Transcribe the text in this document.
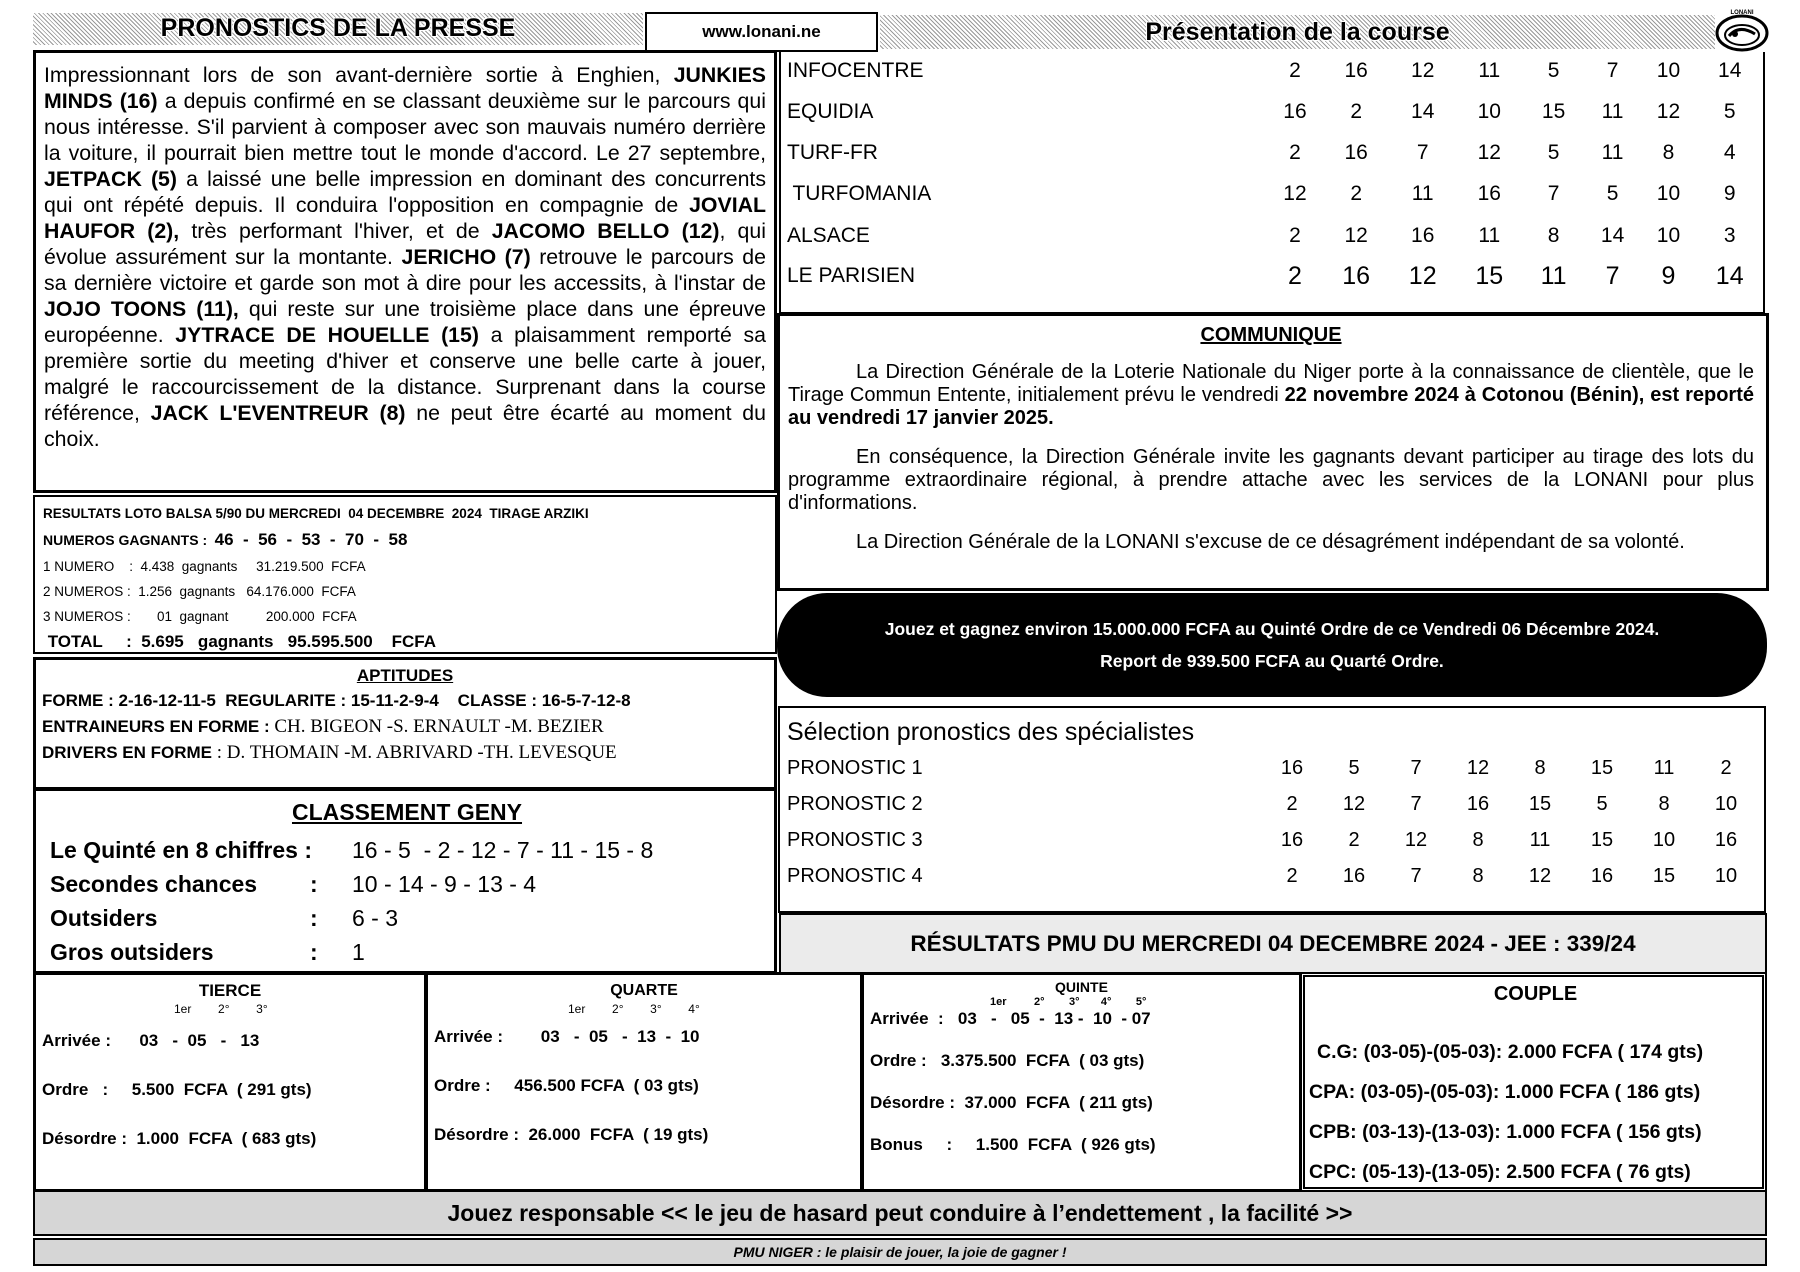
PRONOSTICS DE LA PRESSE	www.lonani.ne	Présentation de la course
LONANI

Impressionnant lors de son avant-dernière sortie à Enghien, JUNKIES MINDS (16) a depuis confirmé en se classant deuxième sur le parcours qui nous intéresse. S'il parvient à composer avec son mauvais numéro derrière la voiture, il pourrait bien mettre tout le monde d'accord. Le 27 septembre, JETPACK (5) a laissé une belle impression en dominant des concurrents qui ont répété depuis. Il conduira l'opposition en compagnie de JOVIAL HAUFOR (2), très performant l'hiver, et de JACOMO BELLO (12), qui évolue assurément sur la montante. JERICHO (7) retrouve le parcours de sa dernière victoire et garde son mot à dire pour les accessits, à l'instar de JOJO TOONS (11), qui reste sur une troisième place dans une épreuve européenne. JYTRACE DE HOUELLE (15) a plaisamment remporté sa première sortie du meeting d'hiver et conserve une belle carte à jouer, malgré le raccourcissement de la distance. Surprenant dans la course référence, JACK L'EVENTREUR (8) ne peut être écarté au moment du choix.

INFOCENTRE	2	16	12	11	5	7	10	14
EQUIDIA	16	2	14	10	15	11	12	5
TURF-FR	2	16	7	12	5	11	8	4
TURFOMANIA	12	2	11	16	7	5	10	9
ALSACE	2	12	16	11	8	14	10	3
LE PARISIEN	2	16	12	15	11	7	9	14
COMMUNIQUE

La Direction Générale de la Loterie Nationale du Niger porte à la connaissance de clientèle, que le Tirage Commun Entente, initialement prévu le vendredi 22 novembre 2024 à Cotonou (Bénin), est reporté au vendredi 17 janvier 2025.

En conséquence, la Direction Générale invite les gagnants devant participer au tirage des lots du programme extraordinaire régional, à prendre attache avec les services de la LONANI pour plus d'informations.

La Direction Générale de la LONANI s'excuse de ce désagrément indépendant de sa volonté.

RESULTATS LOTO BALSA 5/90 DU MERCREDI  04 DECEMBRE  2024  TIRAGE ARZIKI
NUMEROS GAGNANTS : 46  -  56  -  53  -  70  -  58
1 NUMERO    :  4.438  gagnants     31.219.500  FCFA
2 NUMEROS :  1.256  gagnants   64.176.000  FCFA
3 NUMEROS :       01  gagnant          200.000  FCFA
TOTAL     :  5.695   gagnants   95.595.500    FCFA
Jouez et gagnez environ 15.000.000 FCFA au Quinté Ordre de ce Vendredi 06 Décembre 2024.
Report de 939.500 FCFA au Quarté Ordre.
APTITUDES
FORME : 2-16-12-11-5  REGULARITE : 15-11-2-9-4    CLASSE : 16-5-7-12-8
ENTRAINEURS EN FORME : CH. BIGEON -S. ERNAULT -M. BEZIER
DRIVERS EN FORME : D. THOMAIN -M. ABRIVARD -TH. LEVESQUE
Sélection pronostics des spécialistes
PRONOSTIC 1	16	5	7	12	8	15	11	2
PRONOSTIC 2	2	12	7	16	15	5	8	10
PRONOSTIC 3	16	2	12	8	11	15	10	16
PRONOSTIC 4	2	16	7	8	12	16	15	10
CLASSEMENT GENY
Le Quinté en 8 chiffres :	16 - 5  - 2 - 12 - 7 - 11 - 15 - 8
Secondes chances	:	10 - 14 - 9 - 13 - 4
Outsiders	:	6 - 3
Gros outsiders	:	1	RÉSULTATS PMU DU MERCREDI 04 DECEMBRE 2024 - JEE : 339/24
TIERCE
1er        2°        3°
Arrivée :      03   -  05   -   13
Ordre   :     5.500  FCFA  ( 291 gts)
Désordre :  1.000  FCFA  ( 683 gts)
QUARTE
1er        2°        3°        4°
Arrivée :        03   -  05   -  13  -  10
Ordre :     456.500 FCFA  ( 03 gts)
Désordre :  26.000  FCFA  ( 19 gts)
QUINTE
1er         2°        3°       4°        5°
Arrivée  :   03   -   05  -  13 -  10  - 07
Ordre :   3.375.500  FCFA  ( 03 gts)
Désordre :  37.000  FCFA  ( 211 gts)
Bonus     :     1.500  FCFA  ( 926 gts)
COUPLE
C.G: (03-05)-(05-03): 2.000 FCFA ( 174 gts)
CPA: (03-05)-(05-03): 1.000 FCFA ( 186 gts)
CPB: (03-13)-(13-03): 1.000 FCFA ( 156 gts)
CPC: (05-13)-(13-05): 2.500 FCFA ( 76 gts)
Jouez responsable << le jeu de hasard peut conduire à l’endettement , la facilité >>
PMU NIGER : le plaisir de jouer, la joie de gagner !
